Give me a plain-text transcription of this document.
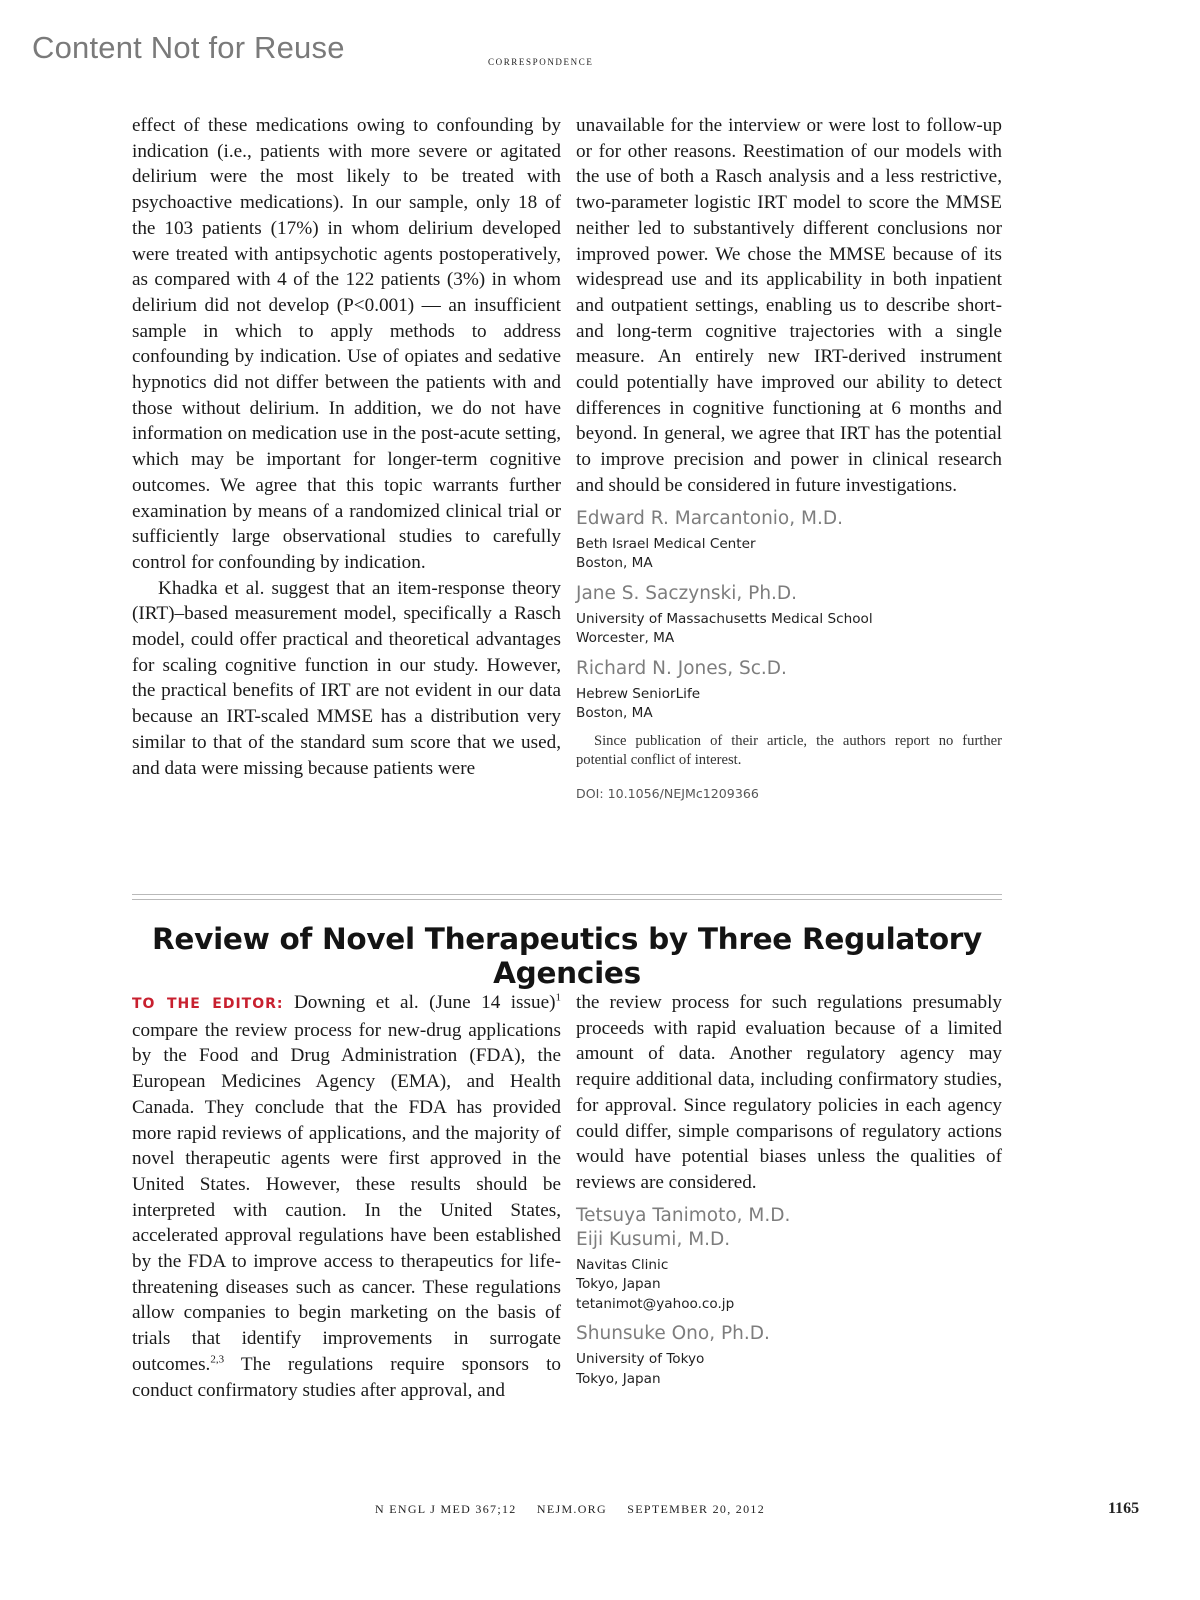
Content Not for Reuse	correspondence

effect of these medications owing to confounding by indication (i.e., patients with more severe or agitated delirium were the most likely to be treated with psychoactive medications). In our sample, only 18 of the 103 patients (17%) in whom delirium developed were treated with antipsychotic agents postoperatively, as compared with 4 of the 122 patients (3%) in whom delirium did not develop (P<0.001) — an insufficient sample in which to apply methods to address confounding by indication. Use of opiates and sedative hypnotics did not differ between the patients with and those without delirium. In addition, we do not have information on medication use in the post-acute setting, which may be important for longer-term cognitive outcomes. We agree that this topic warrants further examination by means of a randomized clinical trial or sufficiently large observational studies to carefully control for confounding by indication.

Khadka et al. suggest that an item-response theory (IRT)–based measurement model, specifically a Rasch model, could offer practical and theoretical advantages for scaling cognitive function in our study. However, the practical benefits of IRT are not evident in our data because an IRT-scaled MMSE has a distribution very similar to that of the standard sum score that we used, and data were missing because patients were

unavailable for the interview or were lost to follow-up or for other reasons. Reestimation of our models with the use of both a Rasch analysis and a less restrictive, two-parameter logistic IRT model to score the MMSE neither led to substantively different conclusions nor improved power. We chose the MMSE because of its widespread use and its applicability in both inpatient and outpatient settings, enabling us to describe short- and long-term cognitive trajectories with a single measure. An entirely new IRT-derived instrument could potentially have improved our ability to detect differences in cognitive functioning at 6 months and beyond. In general, we agree that IRT has the potential to improve precision and power in clinical research and should be considered in future investigations.

Edward R. Marcantonio, M.D.
Beth Israel Medical Center
Boston, MA
Jane S. Saczynski, Ph.D.
University of Massachusetts Medical School
Worcester, MA
Richard N. Jones, Sc.D.
Hebrew SeniorLife
Boston, MA
Since publication of their article, the authors report no further potential conflict of interest.
DOI: 10.1056/NEJMc1209366
Review of Novel Therapeutics by Three Regulatory Agencies

TO THE EDITOR: Downing et al. (June 14 issue)$^1$ compare the review process for new-drug applications by the Food and Drug Administration (FDA), the European Medicines Agency (EMA), and Health Canada. They conclude that the FDA has provided more rapid reviews of applications, and the majority of novel therapeutic agents were first approved in the United States. However, these results should be interpreted with caution. In the United States, accelerated approval regulations have been established by the FDA to improve access to therapeutics for life-threatening diseases such as cancer. These regulations allow companies to begin marketing on the basis of trials that identify improvements in surrogate outcomes.$^{2,3}$ The regulations require sponsors to conduct confirmatory studies after approval, and

the review process for such regulations presumably proceeds with rapid evaluation because of a limited amount of data. Another regulatory agency may require additional data, including confirmatory studies, for approval. Since regulatory policies in each agency could differ, simple comparisons of regulatory actions would have potential biases unless the qualities of reviews are considered.

Tetsuya Tanimoto, M.D.
Eiji Kusumi, M.D.
Navitas Clinic
Tokyo, Japan
tetanimot@yahoo.co.jp
Shunsuke Ono, Ph.D.
University of Tokyo
Tokyo, Japan
N ENGL J MED 367;12 NEJM.ORG SEPTEMBER 20, 2012	1165
